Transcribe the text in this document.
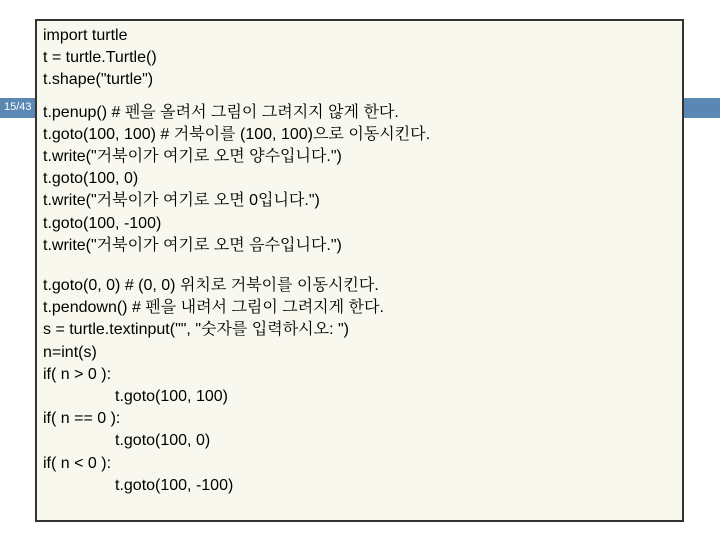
15/43

import turtle

t = turtle.Turtle()

t.shape("turtle")

t.penup() # 펜을 올려서 그림이 그려지지 않게 한다.

t.goto(100, 100) # 거북이를 (100, 100)으로 이동시킨다.

t.write("거북이가 여기로 오면 양수입니다.")

t.goto(100, 0)

t.write("거북이가 여기로 오면 0입니다.")

t.goto(100, -100)

t.write("거북이가 여기로 오면 음수입니다.")

t.goto(0, 0) # (0, 0) 위치로 거북이를 이동시킨다.

t.pendown() # 펜을 내려서 그림이 그려지게 한다.

s = turtle.textinput("", "숫자를 입력하시오: ")

n=int(s)

if( n > 0 ):

t.goto(100, 100)

if( n == 0 ):

t.goto(100, 0)

if( n < 0 ):

t.goto(100, -100)
